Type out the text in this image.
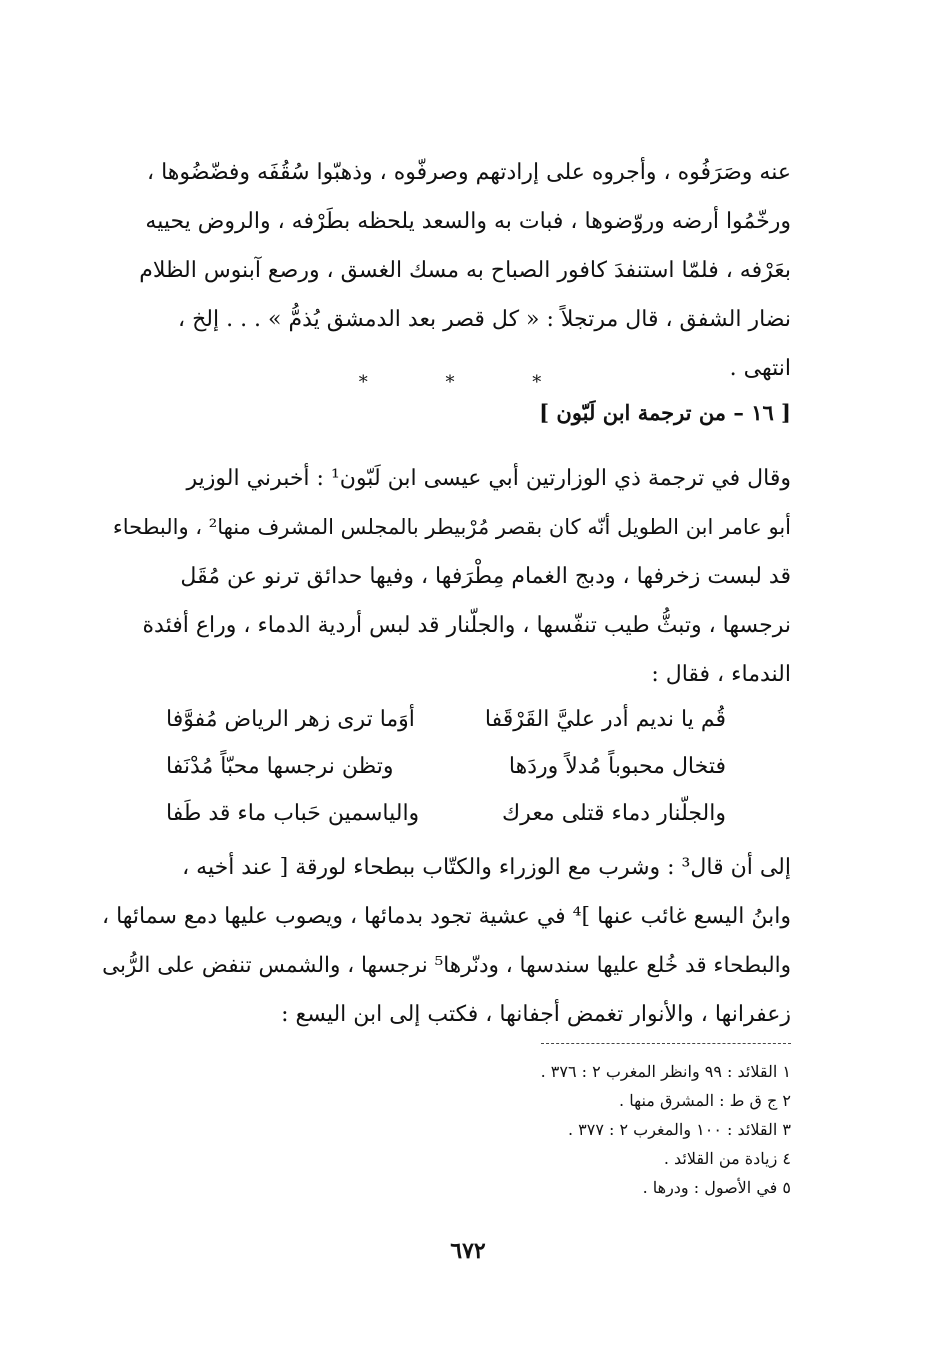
عنه وصَرَفُوه ، وأجروه على إرادتهم وصرفّوه ، وذهبّوا سُقُفَه وفضّضُوها ،
ورخّمُوا أرضه وروّضوها ، فبات به والسعد يلحظه بطَرْفه ، والروض يحييه
بعَرْفه ، فلمّا استنفدَ كافور الصباح به مسك الغسق ، ورصع آبنوس الظلام
نضار الشفق ، قال مرتجلاً : « كل قصر بعد الدمشق يُذمُّ » . . . إلخ ،
انتهى .
* * *
[ ١٦ – من ترجمة ابن لَبّون ]
وقال في ترجمة ذي الوزارتين أبي عيسى ابن لَبّون¹ : أخبرني الوزير
أبو عامر ابن الطويل أنّه كان بقصر مُرْبيطر بالمجلس المشرف منها² ، والبطحاء
قد لبست زخرفها ، ودبج الغمام مِطْرَفها ، وفيها حدائق ترنو عن مُقَل
نرجسها ، وتبثُّ طيب تنفّسها ، والجلّنار قد لبس أردية الدماء ، وراع أفئدة
الندماء ، فقال :
قُم يا نديم أدر عليَّ القَرْقَفا
أوَما ترى زهر الرياض مُفوَّفا
فتخال محبوباً مُدلاً وردَها
وتظن نرجسها محبّاً مُدْنَفا
والجلّنار دماء قتلى معرك
والياسمين حَباب ماء قد طَفا
إلى أن قال³ : وشرب مع الوزراء والكتّاب ببطحاء لورقة [ عند أخيه ،
وابنُ اليسع غائب عنها ]⁴ في عشية تجود بدمائها ، ويصوب عليها دمع سمائها ،
والبطحاء قد خُلع عليها سندسها ، ودنّرها⁵ نرجسها ، والشمس تنفض على الرُّبى
زعفرانها ، والأنوار تغمض أجفانها ، فكتب إلى ابن اليسع :
١ القلائد : ٩٩ وانظر المغرب ٢ : ٣٧٦ .
٢ ج ق ط : المشرق منها .
٣ القلائد : ١٠٠ والمغرب ٢ : ٣٧٧ .
٤ زيادة من القلائد .
٥ في الأصول : ودرها .
٦٧٢
